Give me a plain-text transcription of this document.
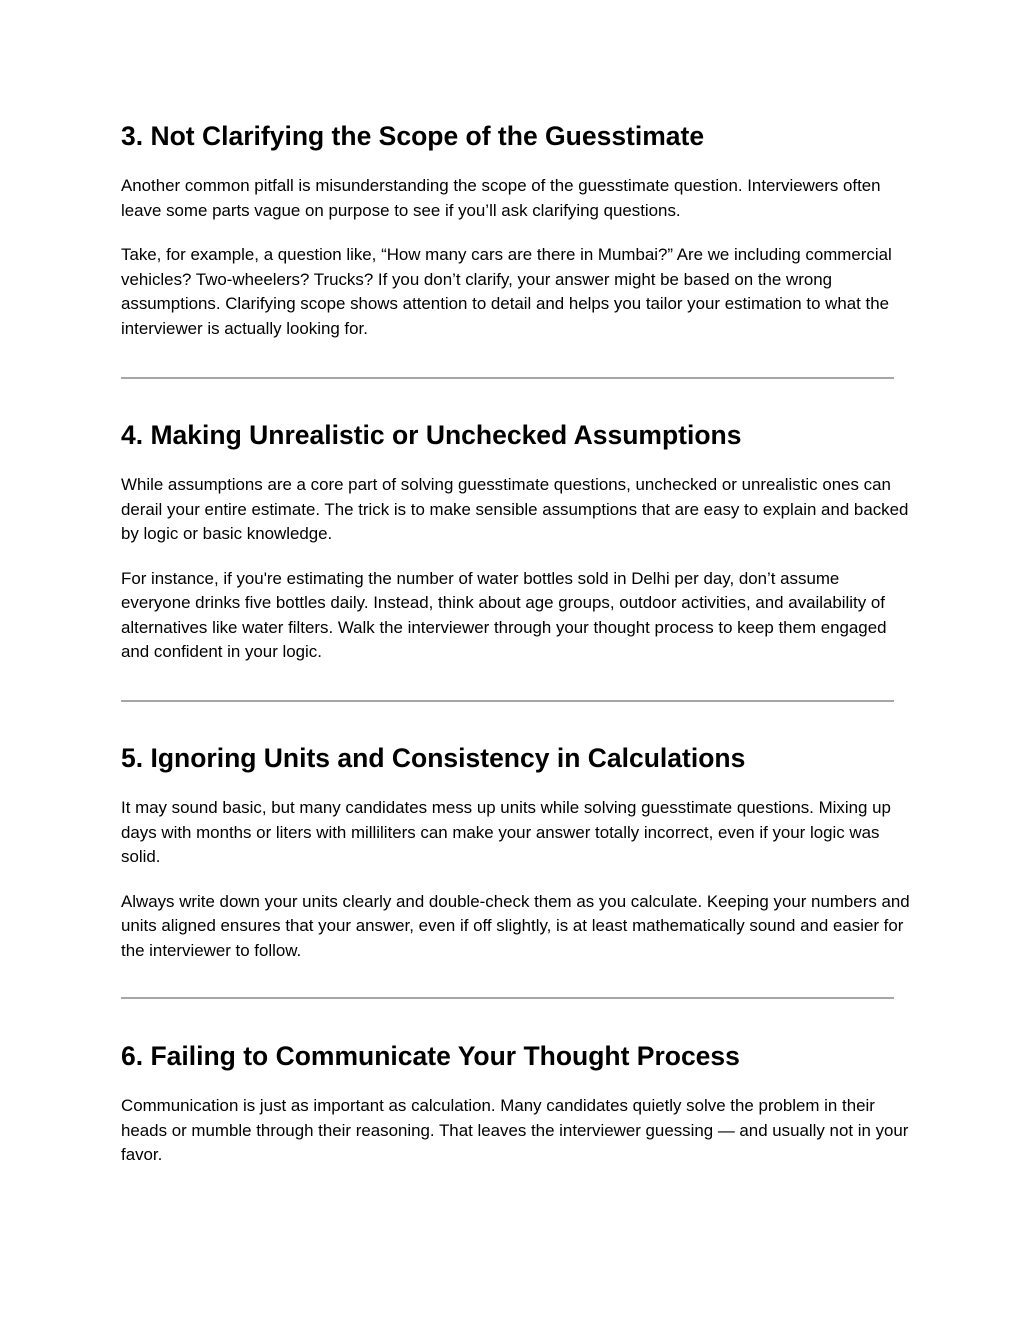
3. Not Clarifying the Scope of the Guesstimate

Another common pitfall is misunderstanding the scope of the guesstimate question. Interviewers often leave some parts vague on purpose to see if you’ll ask clarifying questions.

Take, for example, a question like, “How many cars are there in Mumbai?” Are we including commercial vehicles? Two-wheelers? Trucks? If you don’t clarify, your answer might be based on the wrong assumptions. Clarifying scope shows attention to detail and helps you tailor your estimation to what the interviewer is actually looking for.

4. Making Unrealistic or Unchecked Assumptions

While assumptions are a core part of solving guesstimate questions, unchecked or unrealistic ones can derail your entire estimate. The trick is to make sensible assumptions that are easy to explain and backed by logic or basic knowledge.

For instance, if you're estimating the number of water bottles sold in Delhi per day, don’t assume everyone drinks five bottles daily. Instead, think about age groups, outdoor activities, and availability of alternatives like water filters. Walk the interviewer through your thought process to keep them engaged and confident in your logic.

5. Ignoring Units and Consistency in Calculations

It may sound basic, but many candidates mess up units while solving guesstimate questions. Mixing up days with months or liters with milliliters can make your answer totally incorrect, even if your logic was solid.

Always write down your units clearly and double-check them as you calculate. Keeping your numbers and units aligned ensures that your answer, even if off slightly, is at least mathematically sound and easier for the interviewer to follow.

6. Failing to Communicate Your Thought Process

Communication is just as important as calculation. Many candidates quietly solve the problem in their heads or mumble through their reasoning. That leaves the interviewer guessing — and usually not in your favor.
